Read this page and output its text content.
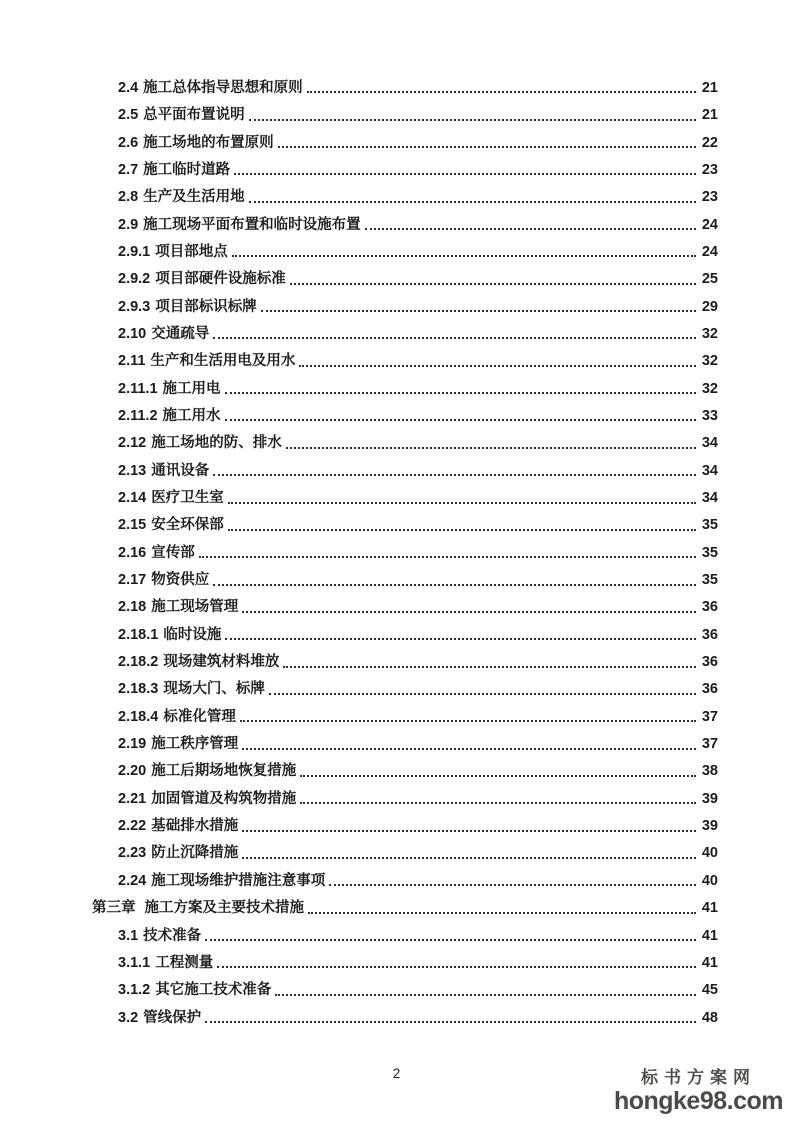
2.4 施工总体指导思想和原则	21
2.5 总平面布置说明	21
2.6 施工场地的布置原则	22
2.7 施工临时道路	23
2.8 生产及生活用地	23
2.9 施工现场平面布置和临时设施布置	24
2.9.1 项目部地点	24
2.9.2 项目部硬件设施标准	25
2.9.3 项目部标识标牌	29
2.10 交通疏导	32
2.11 生产和生活用电及用水	32
2.11.1 施工用电	32
2.11.2 施工用水	33
2.12 施工场地的防、排水	34
2.13 通讯设备	34
2.14 医疗卫生室	34
2.15 安全环保部	35
2.16 宣传部	35
2.17 物资供应	35
2.18 施工现场管理	36
2.18.1 临时设施	36
2.18.2 现场建筑材料堆放	36
2.18.3 现场大门、标牌	36
2.18.4 标准化管理	37
2.19 施工秩序管理	37
2.20 施工后期场地恢复措施	38
2.21 加固管道及构筑物措施	39
2.22 基础排水措施	39
2.23 防止沉降措施	40
2.24 施工现场维护措施注意事项	40
第三章 施工方案及主要技术措施	41
3.1 技术准备	41
3.1.1 工程测量	41
3.1.2 其它施工技术准备	45
3.2 管线保护	48
2	标书方案网
hongke98.com
